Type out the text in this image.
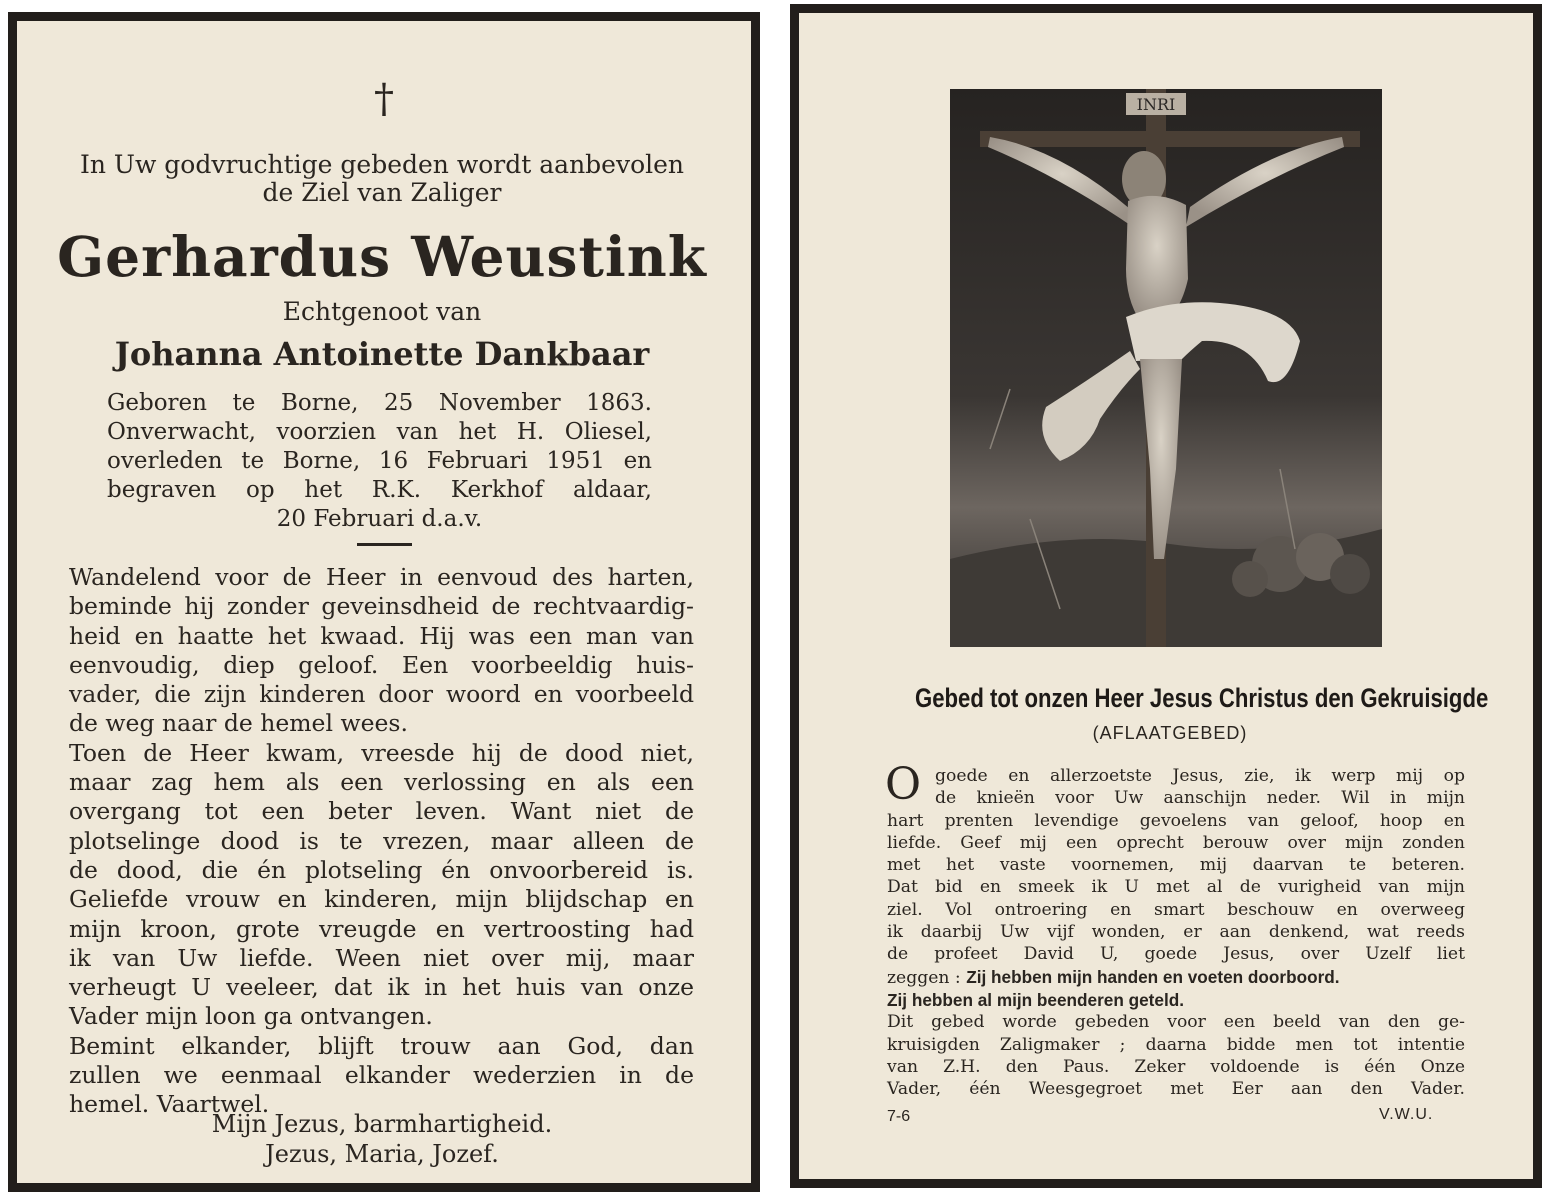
†
In Uw godvruchtige gebeden wordt aanbevolen
de Ziel van Zaliger
Gerhardus Weustink
Echtgenoot van
Johanna Antoinette Dankbaar
Geboren te Borne, 25 November 1863.
Onverwacht, voorzien van het H. Oliesel,
overleden te Borne, 16 Februari 1951 en
begraven op het R.K. Kerkhof aldaar,
20 Februari d.a.v.
Wandelend voor de Heer in eenvoud des harten,
beminde hij zonder geveinsdheid de rechtvaardig-
heid en haatte het kwaad. Hij was een man van
eenvoudig, diep geloof. Een voorbeeldig huis-
vader, die zijn kinderen door woord en voorbeeld
de weg naar de hemel wees.
Toen de Heer kwam, vreesde hij de dood niet,
maar zag hem als een verlossing en als een
overgang tot een beter leven. Want niet de
plotselinge dood is te vrezen, maar alleen de
de dood, die én plotseling én onvoorbereid is.
Geliefde vrouw en kinderen, mijn blijdschap en
mijn kroon, grote vreugde en vertroosting had
ik van Uw liefde. Ween niet over mij, maar
verheugt U veeleer, dat ik in het huis van onze
Vader mijn loon ga ontvangen.
Bemint elkander, blijft trouw aan God, dan
zullen we eenmaal elkander wederzien in de
hemel. Vaartwel.
Mijn Jezus, barmhartigheid.
Jezus, Maria, Jozef.
INRI
Gebed tot onzen Heer Jesus Christus den Gekruisigde
(AFLAATGEBED)
O goede en allerzoetste Jesus, zie, ik werp mij op
de knieën voor Uw aanschijn neder. Wil in mijn
hart prenten levendige gevoelens van geloof, hoop en
liefde. Geef mij een oprecht berouw over mijn zonden
met het vaste voornemen, mij daarvan te beteren.
Dat bid en smeek ik U met al de vurigheid van mijn
ziel. Vol ontroering en smart beschouw en overweeg
ik daarbij Uw vijf wonden, er aan denkend, wat reeds
de profeet David U, goede Jesus, over Uzelf liet
zeggen : Zij hebben mijn handen en voeten doorboord.
Zij hebben al mijn beenderen geteld.
Dit gebed worde gebeden voor een beeld van den ge-
kruisigden Zaligmaker ; daarna bidde men tot intentie
van Z.H. den Paus. Zeker voldoende is één Onze
Vader, één Weesgegroet met Eer aan den Vader.
7-6	V.W.U.
